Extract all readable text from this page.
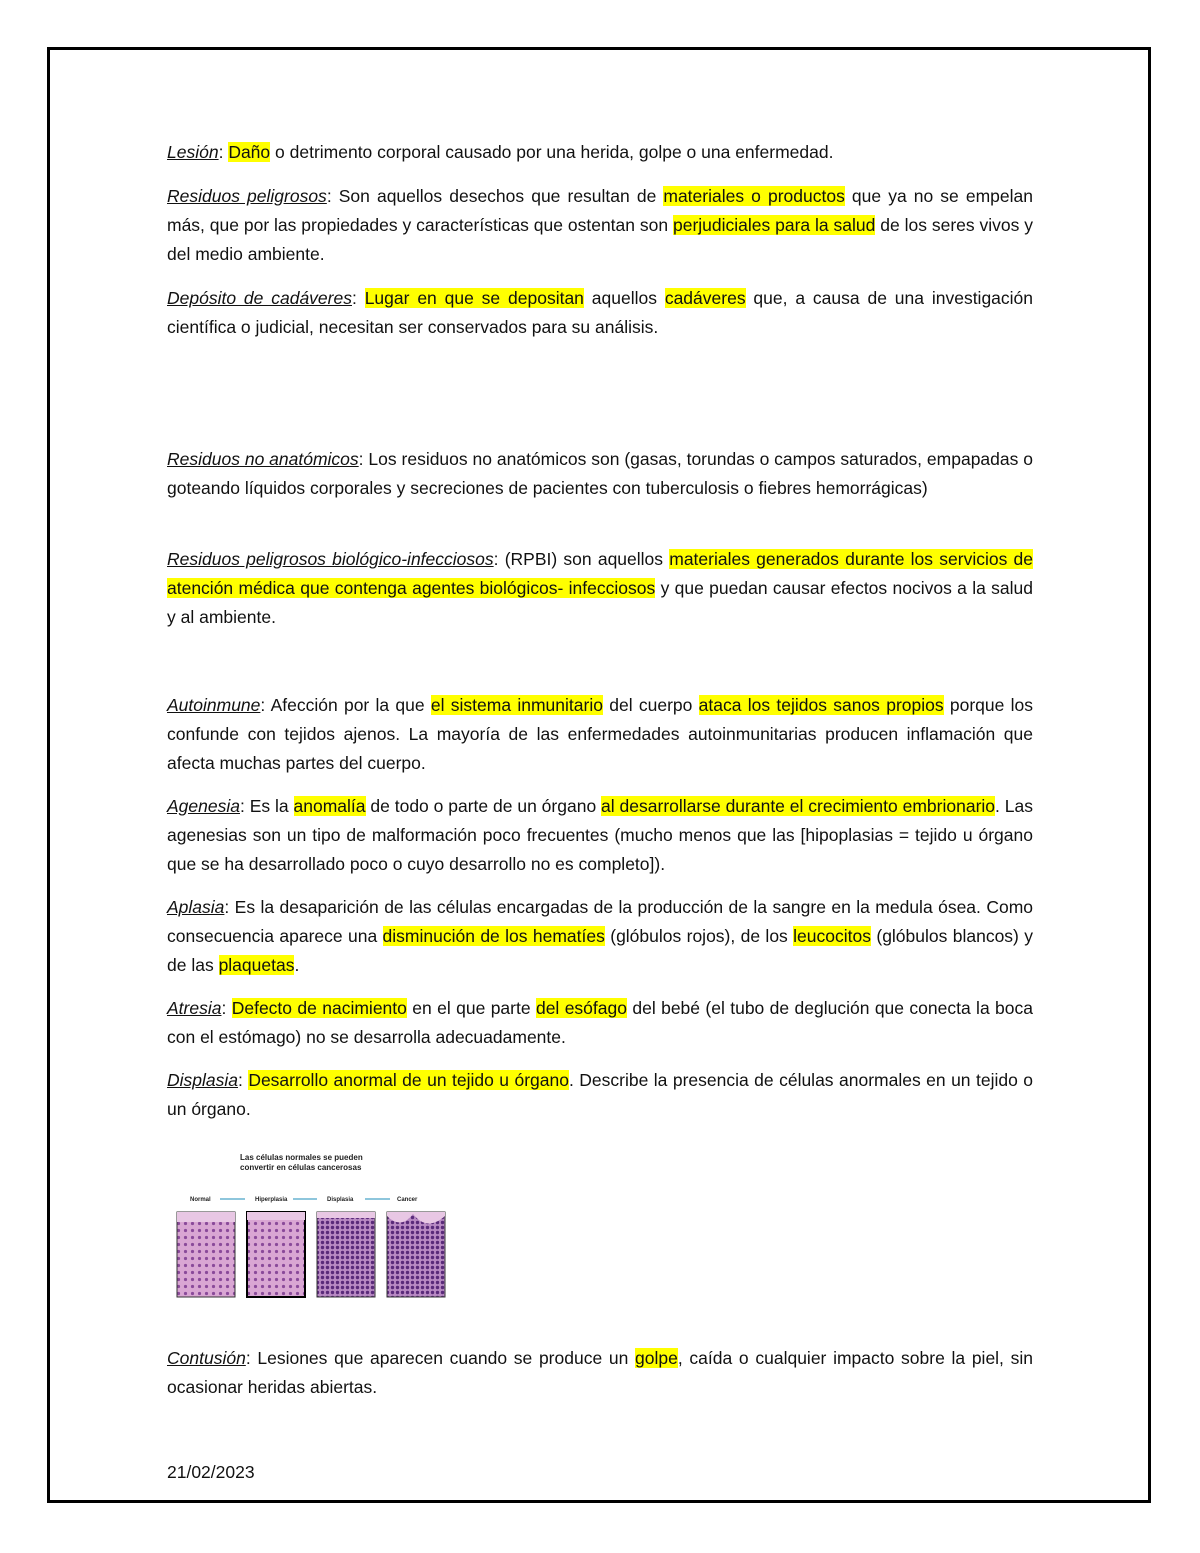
Lesión: Daño o detrimento corporal causado por una herida, golpe o una enfermedad.

Residuos peligrosos: Son aquellos desechos que resultan de materiales o productos que ya no se empelan más, que por las propiedades y características que ostentan son perjudiciales para la salud de los seres vivos y del medio ambiente.

Depósito de cadáveres: Lugar en que se depositan aquellos cadáveres que, a causa de una investigación científica o judicial, necesitan ser conservados para su análisis.

Residuos no anatómicos: Los residuos no anatómicos son (gasas, torundas o campos saturados, empapadas o goteando líquidos corporales y secreciones de pacientes con tuberculosis o fiebres hemorrágicas)

Residuos peligrosos biológico-infecciosos: (RPBI) son aquellos materiales generados durante los servicios de atención médica que contenga agentes biológicos- infecciosos y que puedan causar efectos nocivos a la salud y al ambiente.

Autoinmune: Afección por la que el sistema inmunitario del cuerpo ataca los tejidos sanos propios porque los confunde con tejidos ajenos. La mayoría de las enfermedades autoinmunitarias producen inflamación que afecta muchas partes del cuerpo.

Agenesia: Es la anomalía de todo o parte de un órgano al desarrollarse durante el crecimiento embrionario. Las agenesias son un tipo de malformación poco frecuentes (mucho menos que las [hipoplasias = tejido u órgano que se ha desarrollado poco o cuyo desarrollo no es completo]).

Aplasia: Es la desaparición de las células encargadas de la producción de la sangre en la medula ósea. Como consecuencia aparece una disminución de los hematíes (glóbulos rojos), de los leucocitos (glóbulos blancos) y de las plaquetas.

Atresia: Defecto de nacimiento en el que parte del esófago del bebé (el tubo de deglución que conecta la boca con el estómago) no se desarrolla adecuadamente.

Displasia: Desarrollo anormal de un tejido u órgano. Describe la presencia de células anormales en un tejido o un órgano.

Contusión: Lesiones que aparecen cuando se produce un golpe, caída o cualquier impacto sobre la piel, sin ocasionar heridas abiertas.

Las células normales se pueden
convertir en células cancerosas
Normal	Hiperplasia	Displasia	Cancer
21/02/2023
